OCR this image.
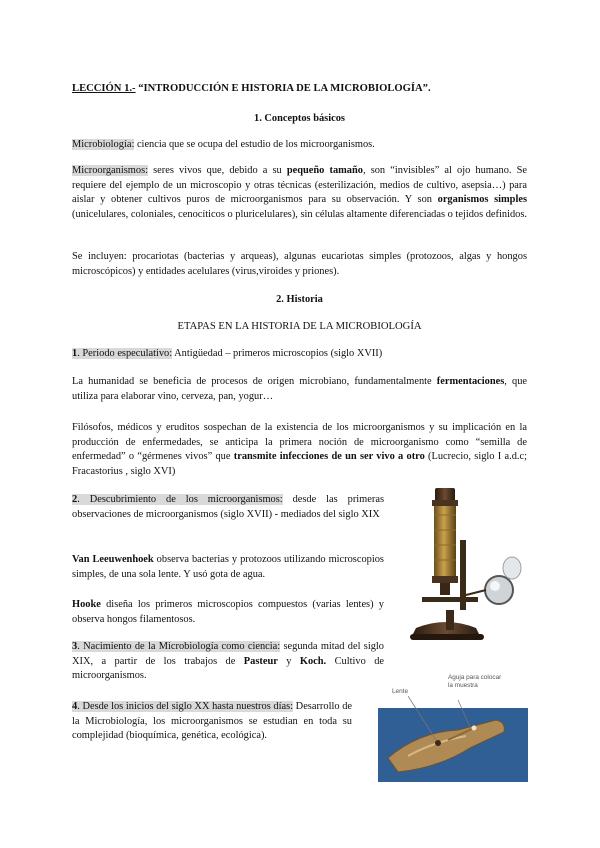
LECCIÓN 1.- “INTRODUCCIÓN E HISTORIA DE LA MICROBIOLOGÍA”.
1. Conceptos básicos
Microbiología: ciencia que se ocupa del estudio de los microorganismos.
Microorganismos: seres vivos que, debido a su pequeño tamaño, son “invisibles” al ojo humano. Se requiere del ejemplo de un microscopio y otras técnicas (esterilización, medios de cultivo, asepsia…) para aislar y obtener cultivos puros de microorganismos para su observación. Y son organismos simples (unicelulares, coloniales, cenocíticos o pluricelulares), sin células altamente diferenciadas o tejidos definidos.
Se incluyen: procariotas (bacterias y arqueas), algunas eucariotas simples (protozoos, algas y hongos microscópicos) y entidades acelulares (virus,viroides y priones).
2. Historia
ETAPAS EN LA HISTORIA DE LA MICROBIOLOGÍA
1. Periodo especulativo: Antigüedad – primeros microscopios (siglo XVII)
La humanidad se beneficia de procesos de origen microbiano, fundamentalmente fermentaciones, que utiliza para elaborar vino, cerveza, pan, yogur…
Filósofos, médicos y eruditos sospechan de la existencia de los microorganismos y su implicación en la producción de enfermedades, se anticipa la primera noción de microorganismo como “semilla de enfermedad” o “gérmenes vivos” que transmite infecciones de un ser vivo a otro (Lucrecio, siglo I a.d.c; Fracastorius , siglo XVI)
2. Descubrimiento de los microorganismos: desde las primeras observaciones de microorganismos (siglo XVII) - mediados del siglo XIX
Van Leeuwenhoek observa bacterias y protozoos utilizando microscopios simples, de una sola lente. Y usó gota de agua.
Hooke diseña los primeros microscopios compuestos (varias lentes) y observa hongos filamentosos.
3. Nacimiento de la Microbiología como ciencia: segunda mitad del siglo XIX, a partir de los trabajos de Pasteur y Koch. Cultivo de microorganismos.
4. Desde los inicios del siglo XX hasta nuestros días: Desarrollo de la Microbiología, los microorganismos se estudian en toda su complejidad (bioquímica, genética, ecológica).
Lente
Aguja para colocar la muestra
